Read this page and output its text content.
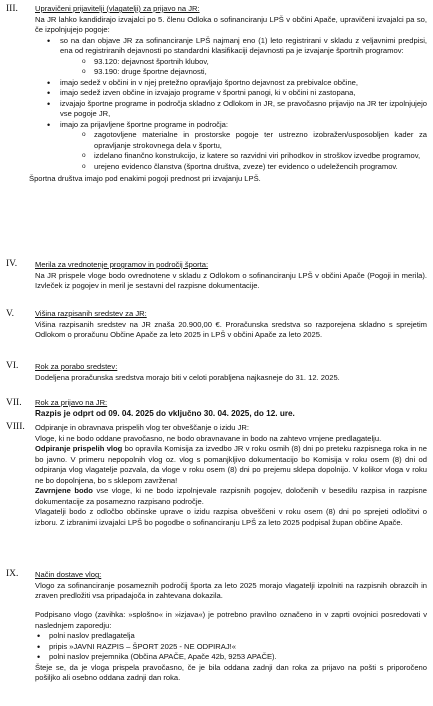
III. Upravičeni prijavitelji (vlagatelji) za prijavo na JR:

Na JR lahko kandidirajo izvajalci po 5. členu Odloka o sofinanciranju LPŠ v občini Apače, upravičeni izvajalci pa so, če izpolnjujejo pogoje:

• so na dan objave JR za sofinanciranje LPŠ najmanj eno (1) leto registrirani v skladu z veljavnimi predpisi, ena od registriranih dejavnosti po standardni klasifikaciji dejavnosti pa je izvajanje športnih programov:
o 93.120: dejavnost športnih klubov,
o 93.190: druge športne dejavnosti,
• imajo sedež v občini in v njej pretežno opravljajo športno dejavnost za prebivalce občine,
• imajo sedež izven občine in izvajajo programe v športni panogi, ki v občini ni zastopana,
• izvajajo športne programe in področja skladno z Odlokom in JR, se pravočasno prijavijo na JR ter izpolnjujejo vse pogoje JR,
• imajo za prijavljene športne programe in področja:
o zagotovljene materialne in prostorske pogoje ter ustrezno izobražen/usposobljen kader za opravljanje strokovnega dela v športu,
o izdelano finančno konstrukcijo, iz katere so razvidni viri prihodkov in stroškov izvedbe programov,
o urejeno evidenco članstva (športna društva, zveze) ter evidenco o udeležencih programov.

Športna društva imajo pod enakimi pogoji prednost pri izvajanju LPŠ.

IV. Merila za vrednotenje programov in področij športa:

Na JR prispele vloge bodo ovrednotene v skladu z Odlokom o sofinanciranju LPŠ v občini Apače (Pogoji in merila). Izvleček iz pogojev in meril je sestavni del razpisne dokumentacije.

V.	Višina razpisanih sredstev za JR:

Višina razpisanih sredstev na JR znaša 20.900,00 €. Proračunska sredstva so razporejena skladno s sprejetim Odlokom o proračunu Občine Apače za leto 2025 in LPŠ v občini Apače za leto 2025.

VI. Rok za porabo sredstev:

Dodeljena proračunska sredstva morajo biti v celoti porabljena najkasneje do 31. 12. 2025.

VII. Rok za prijavo na JR:

Razpis je odprt od 09. 04. 2025 do vključno 30. 04. 2025, do 12. ure.

VIII. Odpiranje in obravnava prispelih vlog ter obveščanje o izidu JR:

Vloge, ki ne bodo oddane pravočasno, ne bodo obravnavane in bodo na zahtevo vrnjene predlagatelju.

Odpiranje prispelih vlog bo opravila Komisija za izvedbo JR v roku osmih (8) dni po preteku razpisnega roka in ne bo javno. V primeru nepopolnih vlog oz. vlog s pomanjkljivo dokumentacijo bo Komisija v roku osem (8) dni od odpiranja vlog vlagatelje pozvala, da vloge v roku osem (8) dni po prejemu sklepa dopolnijo. V kolikor vloga v roku ne bo dopolnjena, bo s sklepom zavržena!

Zavrnjene bodo vse vloge, ki ne bodo izpolnjevale razpisnih pogojev, določenih v besedilu razpisa in razpisne dokumentacije za posamezno razpisano področje.

Vlagatelji bodo z odločbo občinske uprave o izidu razpisa obveščeni v roku osem (8) dni po sprejeti odločitvi o izboru. Z izbranimi izvajalci LPŠ bo pogodbe o sofinanciranju LPŠ za leto 2025 podpisal župan občine Apače.

IX. Način dostave vlog:

Vlogo za sofinanciranje posameznih področij športa za leto 2025 morajo vlagatelji izpolniti na razpisnih obrazcih in zraven predložiti vsa pripadajoča in zahtevana dokazila.

Podpisano vlogo (zavihka: »splošno« in »izjava«) je potrebno pravilno označeno in v zaprti ovojnici posredovati v naslednjem zaporedju:

• polni naslov predlagatelja
• pripis »JAVNI RAZPIS – ŠPORT 2025 - NE ODPIRAJ!«
• polni naslov prejemnika (Občina APAČE, Apače 42b, 9253 APAČE).

Šteje se, da je vloga prispela pravočasno, če je bila oddana zadnji dan roka za prijavo na pošti s priporočeno pošiljko ali osebno oddana zadnji dan roka.
